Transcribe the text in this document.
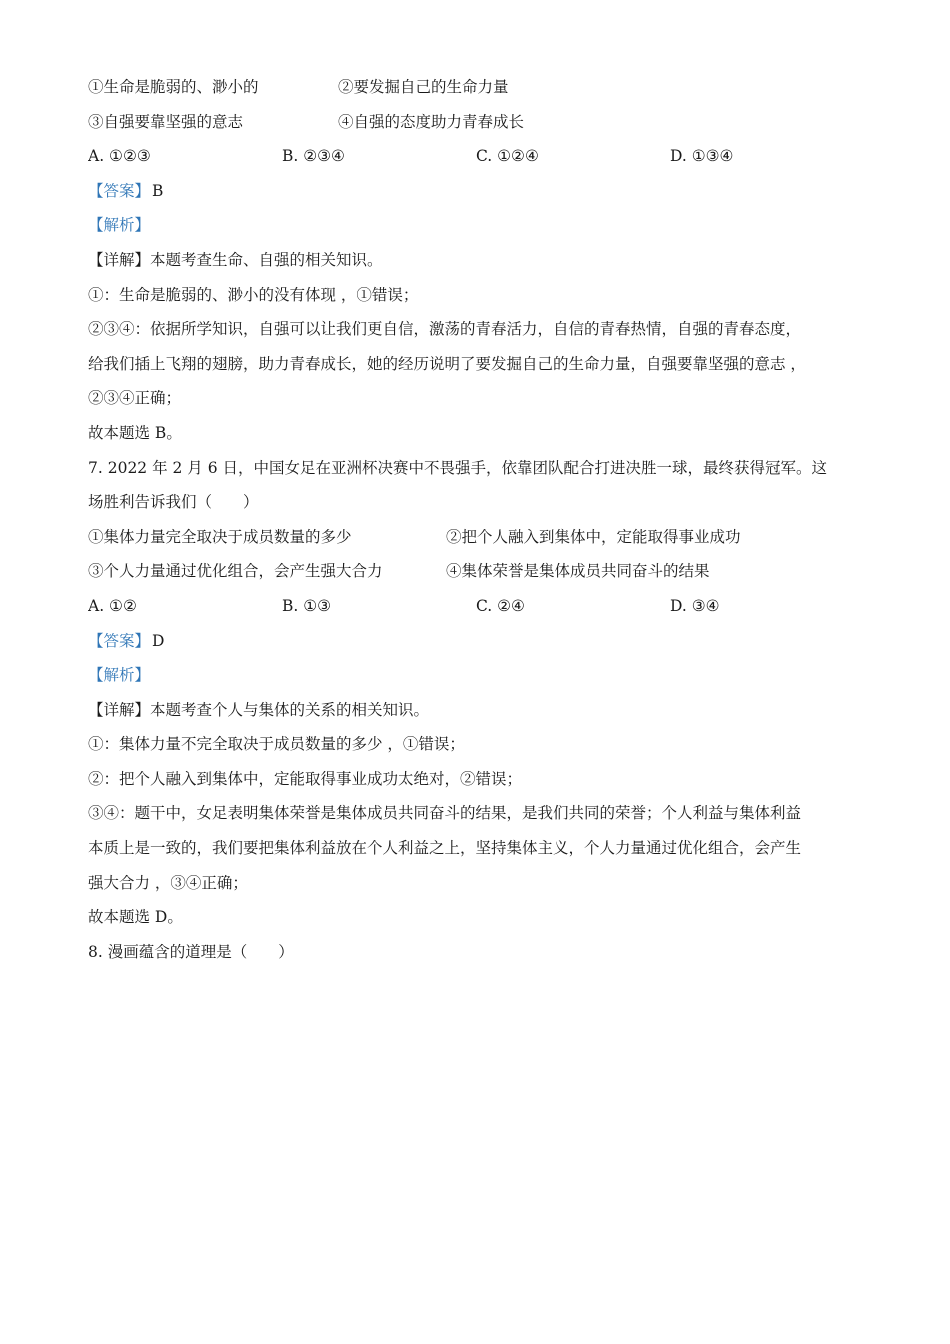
①生命是脆弱的、渺小的	②要发掘自己的生命力量
③自强要靠坚强的意志	④自强的态度助力青春成长
A. ①②③	B. ②③④	C. ①②④	D. ①③④
【答案】 B
【解析】
【详解】本题考查生命、自强的相关知识。
①：生命是脆弱的、渺小的没有体现 ，①错误；
②③④：依据所学知识，自强可以让我们更自信，激荡的青春活力，自信的青春热情，自强的青春态度，
给我们插上飞翔的翅膀，助力青春成长，她的经历说明了要发掘自己的生命力量，自强要靠坚强的意志 ，
②③④正确；
故本题选 B。
7. 2022 年 2 月 6 日，中国女足在亚洲杯决赛中不畏强手，依靠团队配合打进决胜一球，最终获得冠军。这
场胜利告诉我们（　　）
①集体力量完全取决于成员数量的多少	②把个人融入到集体中，定能取得事业成功
③个人力量通过优化组合，会产生强大合力	④集体荣誉是集体成员共同奋斗的结果
A. ①②	B. ①③	C. ②④	D. ③④
【答案】 D
【解析】
【详解】本题考查个人与集体的关系的相关知识。
①：集体力量不完全取决于成员数量的多少 ，①错误；
②：把个人融入到集体中，定能取得事业成功太绝对，②错误；
③④：题干中，女足表明集体荣誉是集体成员共同奋斗的结果，是我们共同的荣誉；个人利益与集体利益
本质上是一致的，我们要把集体利益放在个人利益之上，坚持集体主义，个人力量通过优化组合，会产生
强大合力 ，③④正确；
故本题选 D。
8. 漫画蕴含的道理是（　　）
